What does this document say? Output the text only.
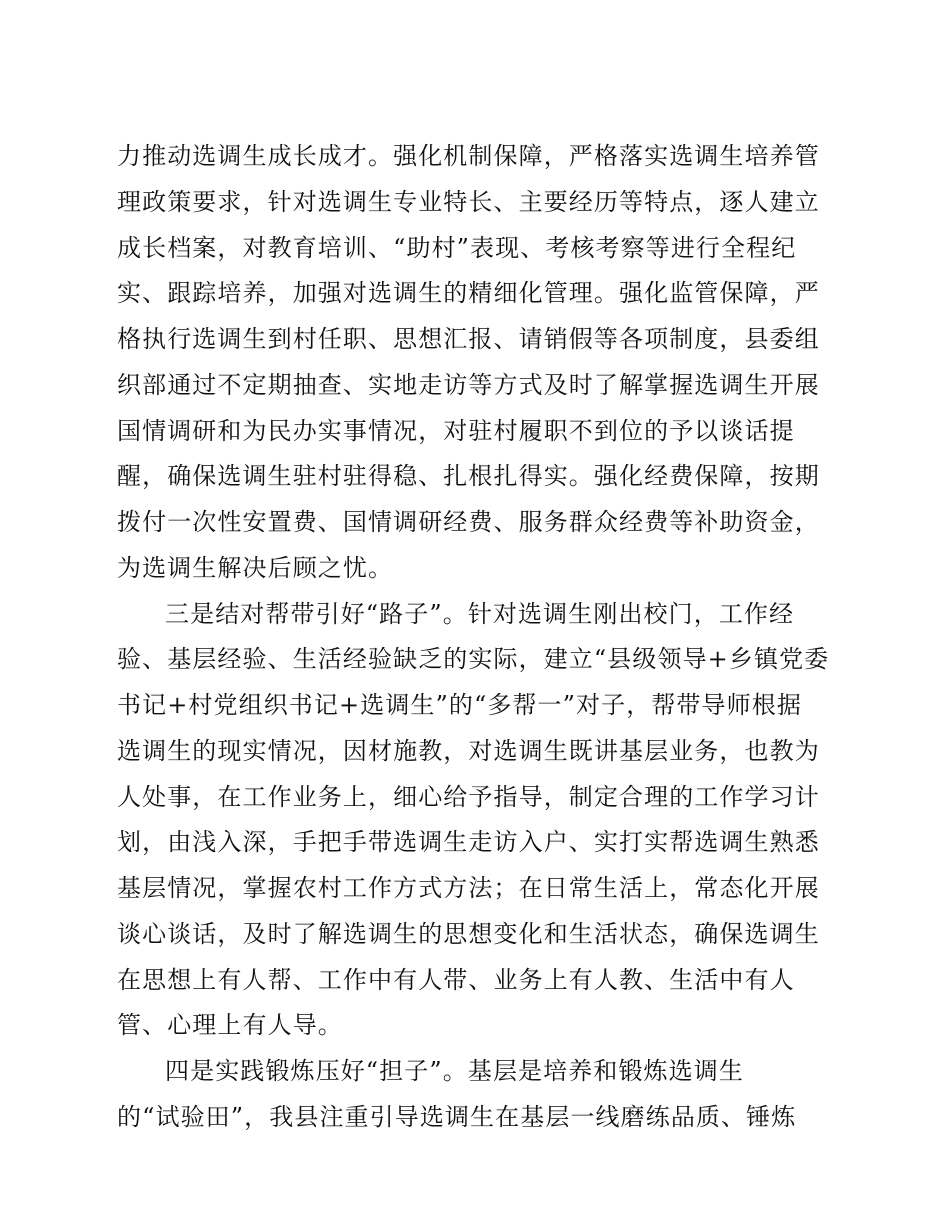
力推动选调生成长成才。强化机制保障，严格落实选调生培养管
理政策要求，针对选调生专业特长、主要经历等特点，逐人建立
成长档案，对教育培训、“助村”表现、考核考察等进行全程纪
实、跟踪培养，加强对选调生的精细化管理。强化监管保障，严
格执行选调生到村任职、思想汇报、请销假等各项制度，县委组
织部通过不定期抽查、实地走访等方式及时了解掌握选调生开展
国情调研和为民办实事情况，对驻村履职不到位的予以谈话提
醒，确保选调生驻村驻得稳、扎根扎得实。强化经费保障，按期
拨付一次性安置费、国情调研经费、服务群众经费等补助资金，
为选调生解决后顾之忧。
三是结对帮带引好“路子”。针对选调生刚出校门，工作经
验、基层经验、生活经验缺乏的实际，建立“县级领导+乡镇党委
书记+村党组织书记+选调生”的“多帮一”对子，帮带导师根据
选调生的现实情况，因材施教，对选调生既讲基层业务，也教为
人处事，在工作业务上，细心给予指导，制定合理的工作学习计
划，由浅入深，手把手带选调生走访入户、实打实帮选调生熟悉
基层情况，掌握农村工作方式方法；在日常生活上，常态化开展
谈心谈话，及时了解选调生的思想变化和生活状态，确保选调生
在思想上有人帮、工作中有人带、业务上有人教、生活中有人
管、心理上有人导。
四是实践锻炼压好“担子”。基层是培养和锻炼选调生
的“试验田”，我县注重引导选调生在基层一线磨练品质、锤炼
